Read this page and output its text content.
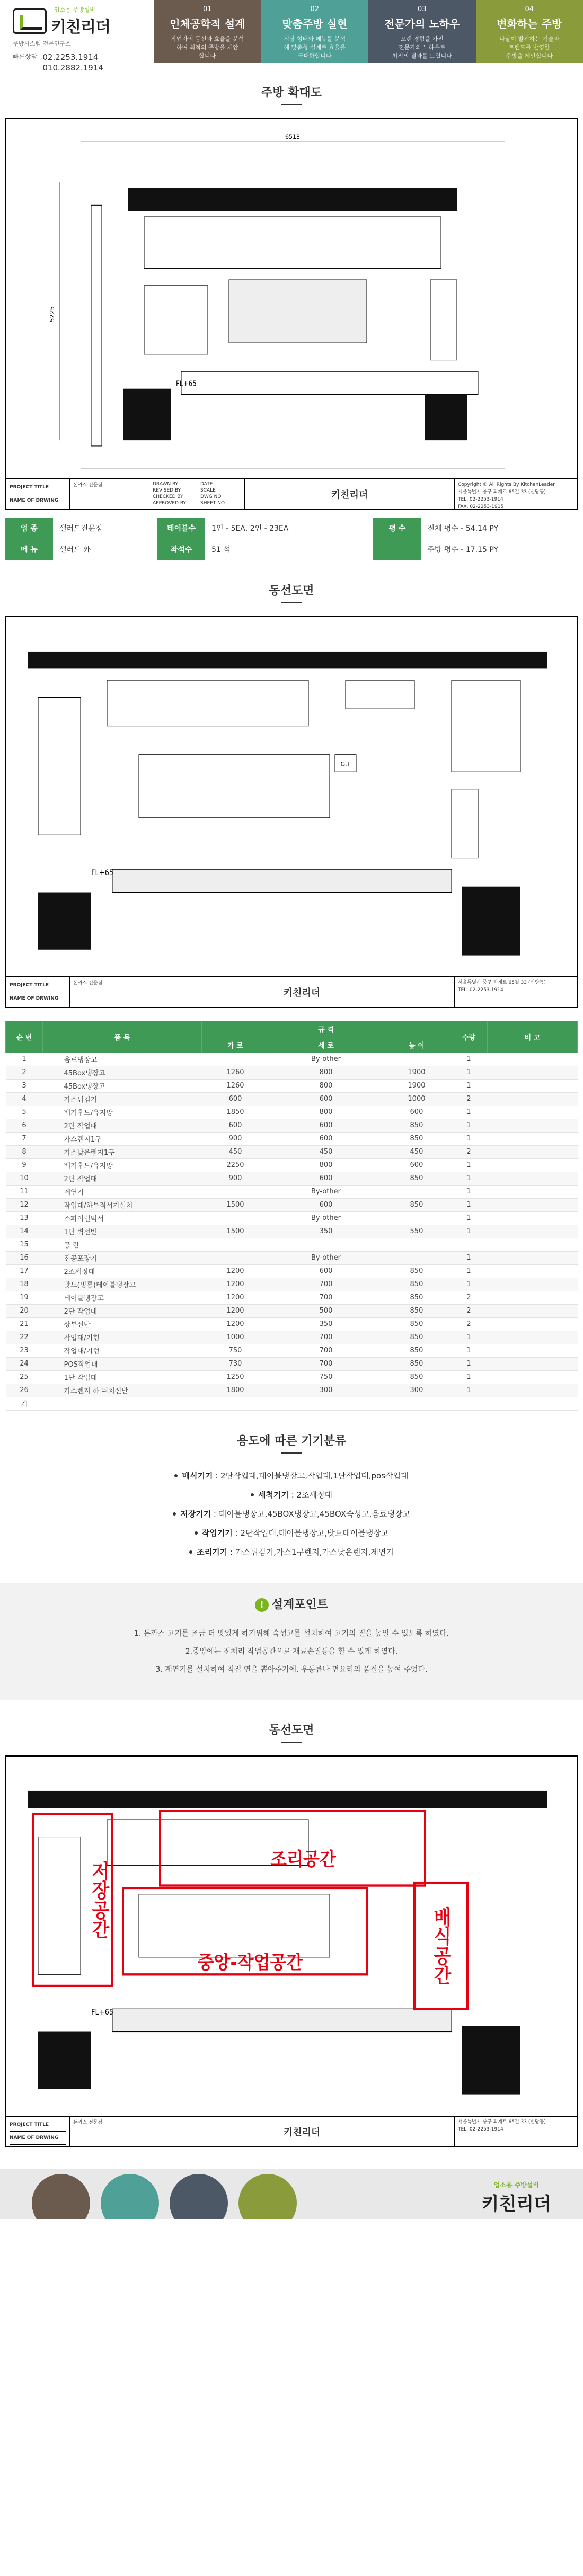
업소용 주방설비
키친리더
주방시스템 전문연구소
빠른상담 02.2253.1914
010.2882.1914
01
인체공학적 설계
작업자의 동선과 효율을 분석
하여 최적의 주방을 제안
합니다
02
맞춤주방 실현
식당 형태와 메뉴를 분석
해 맞춤형 설계로 효율을
극대화합니다
03
전문가의 노하우
오랜 경험을 가진
전문가의 노하우로
최적의 결과를 드립니다
04
변화하는 주방
나날이 발전하는 기술과
트렌드를 반영한
주방을 제안합니다
주방 확대도
6513
5225
FL+65
PROJECT TITLE
NAME OF DRWING
돈까스 전문점	DRAWN BY
REVISED BY
CHECKED BY
APPROVED BY
DATE
SCALE
DWG NO
SHEET NO
키친리더
Copyright © All Rights By KitchenLeader
서울특별시 중구 퇴계로 65길 33 (신당동)
TEL. 02-2253-1914
FAX. 02-2253-1915
업 종	샐러드전문점	테이블수	1인 - 5EA, 2인 - 23EA	평 수	전체 평수 - 54.14 PY
메 뉴	샐러드 外	좌석수	51 석		주방 평수 - 17.15 PY
동선도면
G.T
FL+65
PROJECT TITLE
NAME OF DRWING
돈까스 전문점
키친리더
서울특별시 중구 퇴계로 65길 33 (신당동)
TEL. 02-2253-1914
순 번	품 목	규 격			수량	비 고
		가 로	세 로	높 이		
1	음료냉장고		By-other		1	
2	45Box냉장고	1260	800	1900	1	
3	45Box냉장고	1260	800	1900	1	
4	가스튀김기	600	600	1000	2	
5	배기후드/유지망	1850	800	600	1	
6	2단 작업대	600	600	850	1	
7	가스렌지1구	900	600	850	1	
8	가스낮은렌지1구	450	450	450	2	
9	배기후드/유지망	2250	800	600	1	
10	2단 작업대	900	600	850	1	
11	제연기		By-other		1	
12	작업대/하부적서기설치	1500	600	850	1	
13	스파이럴믹서		By-other		1	
14	1단 벽선반	1500	350	550	1	
15	공 란					
16	진공포장기		By-other		1	
17	2조세정대	1200	600	850	1	
18	밧드(빙릉)테이블냉장고	1200	700	850	1	
19	테이블냉장고	1200	700	850	2	
20	2단 작업대	1200	500	850	2	
21	상부선반	1200	350	850	2	
22	작업대/기형	1000	700	850	1	
23	작업대/기형	750	700	850	1	
24	POS작업대	730	700	850	1	
25	1단 작업대	1250	750	850	1	
26	가스렌지 하 위치선반	1800	300	300	1	
계						
용도에 따른 기기분류
배식기기 : 2단작업대,테이블냉장고,작업대,1단작업대,pos작업대
세척기기 : 2조세정대
저장기기 : 테이블냉장고,45BOX냉장고,45BOX숙성고,음료냉장고
작업기기 : 2단작업대,테이블냉장고,밧드테이블냉장고
조리기기 : 가스튀김기,가스1구렌지,가스낮은렌지,제연기
! 설계포인트
1. 돈까스 고기를 조금 더 맛있게 하기위해 숙성고를 설치하여 고기의 질을 높일 수 있도록 하였다.
2.중앙에는 전처리 작업공간으로 재료손질등을 할 수 있게 하였다.
3. 제연기를 설치하여 직접 연을 뽑아주기에, 우동류나 면요리의 품질을 높여 주었다.
동선도면
저장공간
조리공간
중앙-작업공간	배식공간
FL+65
PROJECT TITLE
NAME OF DRWING
돈까스 전문점
키친리더
서울특별시 중구 퇴계로 65길 33 (신당동)
TEL. 02-2253-1914
업소용 주방설비
키친리더
